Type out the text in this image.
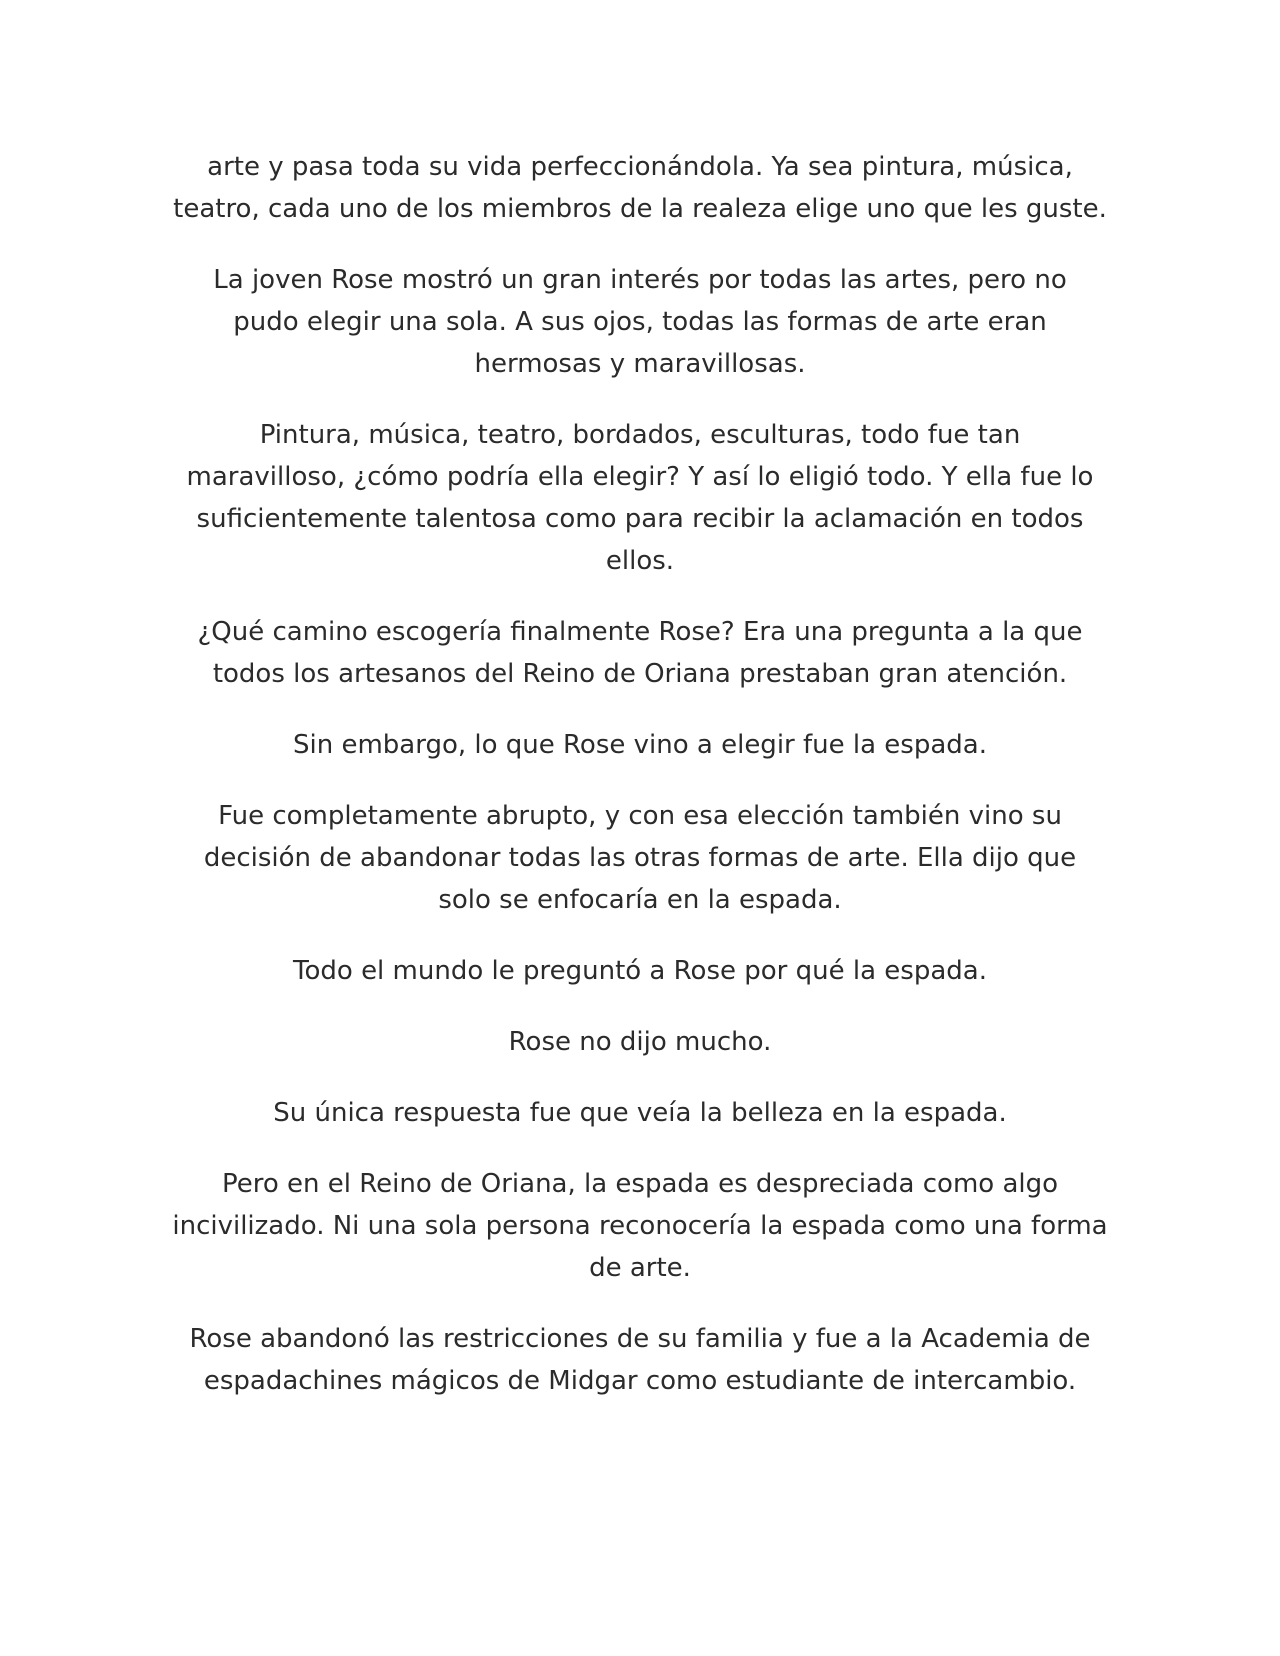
arte y pasa toda su vida perfeccionándola. Ya sea pintura, música,
teatro, cada uno de los miembros de la realeza elige uno que les guste.

La joven Rose mostró un gran interés por todas las artes, pero no
pudo elegir una sola. A sus ojos, todas las formas de arte eran
hermosas y maravillosas.

Pintura, música, teatro, bordados, esculturas, todo fue tan
maravilloso, ¿cómo podría ella elegir? Y así lo eligió todo. Y ella fue lo
suficientemente talentosa como para recibir la aclamación en todos
ellos.

¿Qué camino escogería finalmente Rose? Era una pregunta a la que
todos los artesanos del Reino de Oriana prestaban gran atención.

Sin embargo, lo que Rose vino a elegir fue la espada.

Fue completamente abrupto, y con esa elección también vino su
decisión de abandonar todas las otras formas de arte. Ella dijo que
solo se enfocaría en la espada.

Todo el mundo le preguntó a Rose por qué la espada.

Rose no dijo mucho.

Su única respuesta fue que veía la belleza en la espada.

Pero en el Reino de Oriana, la espada es despreciada como algo
incivilizado. Ni una sola persona reconocería la espada como una forma
de arte.

Rose abandonó las restricciones de su familia y fue a la Academia de
espadachines mágicos de Midgar como estudiante de intercambio.
